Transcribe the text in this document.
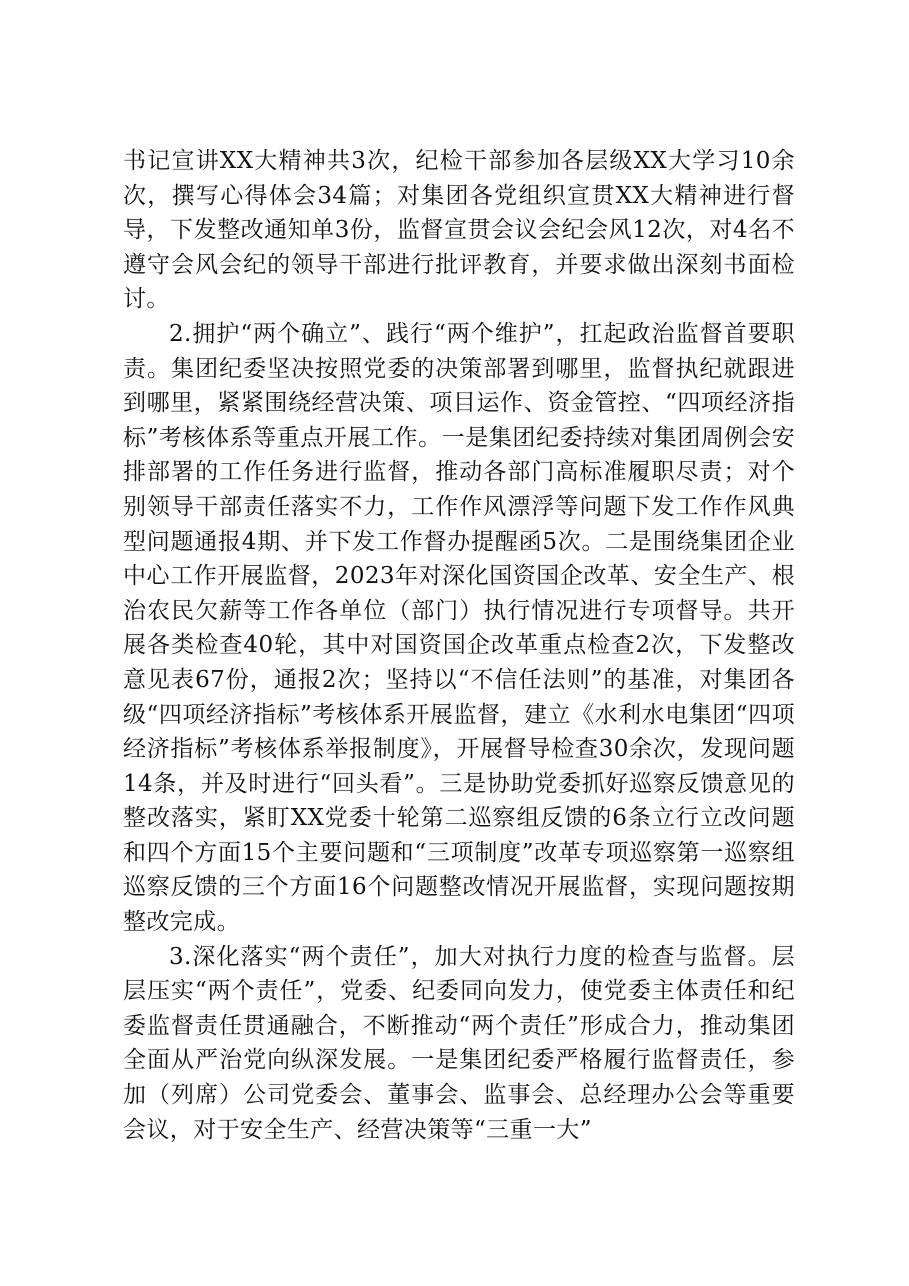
书记宣讲XX大精神共3次，纪检干部参加各层级XX大学习10余次，撰写心得体会34篇；对集团各党组织宣贯XX大精神进行督导，下发整改通知单3份，监督宣贯会议会纪会风12次，对4名不遵守会风会纪的领导干部进行批评教育，并要求做出深刻书面检讨。

2.拥护“两个确立”、践行“两个维护”，扛起政治监督首要职责。集团纪委坚决按照党委的决策部署到哪里，监督执纪就跟进到哪里，紧紧围绕经营决策、项目运作、资金管控、“四项经济指标”考核体系等重点开展工作。一是集团纪委持续对集团周例会安排部署的工作任务进行监督，推动各部门高标准履职尽责；对个别领导干部责任落实不力，工作作风漂浮等问题下发工作作风典型问题通报4期、并下发工作督办提醒函5次。二是围绕集团企业中心工作开展监督，2023年对深化国资国企改革、安全生产、根治农民欠薪等工作各单位（部门）执行情况进行专项督导。共开展各类检查40轮，其中对国资国企改革重点检查2次，下发整改意见表67份，通报2次；坚持以“不信任法则”的基准，对集团各级“四项经济指标”考核体系开展监督，建立《水利水电集团“四项经济指标”考核体系举报制度》，开展督导检查30余次，发现问题14条，并及时进行“回头看”。三是协助党委抓好巡察反馈意见的整改落实，紧盯XX党委十轮第二巡察组反馈的6条立行立改问题和四个方面15个主要问题和“三项制度”改革专项巡察第一巡察组巡察反馈的三个方面16个问题整改情况开展监督，实现问题按期整改完成。

3.深化落实“两个责任”，加大对执行力度的检查与监督。层层压实“两个责任”，党委、纪委同向发力，使党委主体责任和纪委监督责任贯通融合，不断推动“两个责任”形成合力，推动集团全面从严治党向纵深发展。一是集团纪委严格履行监督责任，参加（列席）公司党委会、董事会、监事会、总经理办公会等重要会议，对于安全生产、经营决策等“三重一大”
